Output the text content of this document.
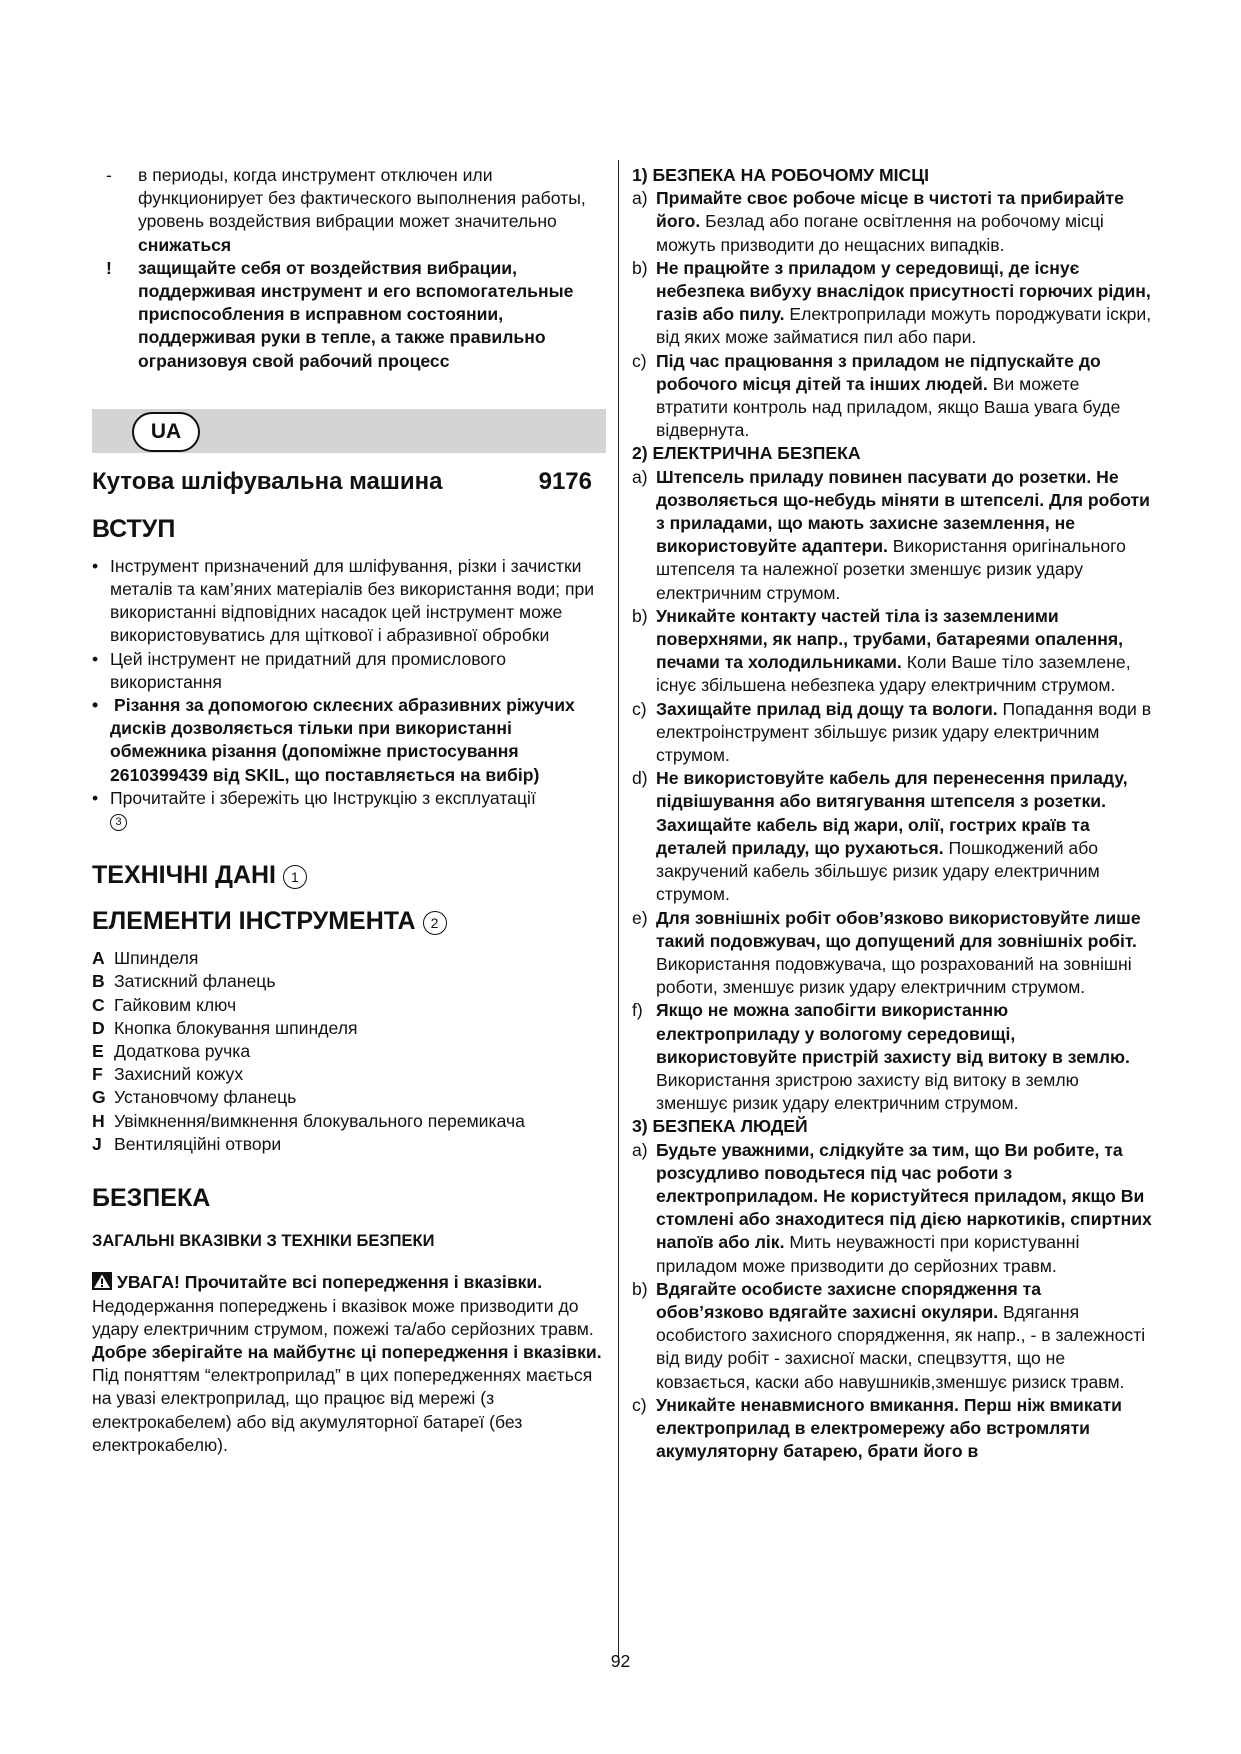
-	в периоды, когда инструмент отключен или функционирует без фактического выполнения работы, уровень воздействия вибрации может значительно снижаться
!	защищайте себя от воздействия вибрации, поддерживая инструмент и его вспомогательные приспособления в исправном состоянии, поддерживая руки в тепле, а также правильно огранизовуя свой рабочий процесс
UA
Кутова шліфувальна машина	9176
ВСТУП
• Інструмент призначений для шліфування, різки і зачистки металів та кам’яних матеріалів без використання води; при використанні відповідних насадок цей інструмент може використовуватись для щіткової і абразивної обробки
• Цей інструмент не придатний для промислового використання
• Різання за допомогою склеєних абразивних ріжучих дисків дозволяється тільки при використанні обмежника різання (допоміжне пристосування 2610399439 від SKIL, що поставляється на вибір)
• Прочитайте і збережіть цю Інструкцію з експлуатації
3
ТЕХНІЧНІ ДАНІ 1
ЕЛЕМЕНТИ ІНСТРУМЕНТА 2
A Шпинделя
B Затискний фланець
C Гайковим ключ
D Кнопка блокування шпинделя
E Додаткова ручка
F Захисний кожух
G Установчому фланець
H Увімкнення/вимкнення блокувального перемикача
J Вентиляційні отвори
БЕЗПЕКА
ЗАГАЛЬНІ ВКАЗІВКИ З ТЕХНІКИ БЕЗПЕКИ
УВАГА! Прочитайте всі попередження і вказівки. Недодержання попереджень і вказівок може призводити до удару електричним струмом, пожежі та/або серйозних травм. Добре зберігайте на майбутнє ці попередження і вказівки. Під поняттям “електроприлад” в цих попередженнях мається на увазі електроприлад, що працює від мережі (з електрокабелем) або від акумуляторної батареї (без електрокабелю).
1) БЕЗПЕКА НА РОБОЧОМУ МІСЦІ
a) Примайте своє робоче місце в чистоті та прибирайте його. Безлад або погане освітлення на робочому місці можуть призводити до нещасних випадків.
b) Не працюйте з приладом у середовищі, де існує небезпека вибуху внаслідок присутності горючих рідин, газів або пилу. Електроприлади можуть породжувати іскри, від яких може займатися пил або пари.
c) Під час працювання з приладом не підпускайте до робочого місця дітей та інших людей. Ви можете втратити контроль над приладом, якщо Ваша увага буде відвернута.
2) ЕЛЕКТРИЧНА БЕЗПЕКА
a) Штепсель приладу повинен пасувати до розетки. Не дозволяється що-небудь міняти в штепселі. Для роботи з приладами, що мають захисне заземлення, не використовуйте адаптери. Використання оригінального штепселя та належної розетки зменшує ризик удару електричним струмом.
b) Уникайте контакту частей тіла із заземленими поверхнями, як напр., трубами, батареями опалення, печами та холодильниками. Коли Ваше тіло заземлене, існує збільшена небезпека удару електричним струмом.
c) Захищайте прилад від дощу та вологи. Попадання води в електроінструмент збільшує ризик удару електричним струмом.
d) Не використовуйте кабель для перенесення приладу, підвішування або витягування штепселя з розетки. Захищайте кабель від жари, олії, гострих країв та деталей приладу, що рухаються. Пошкоджений або закручений кабель збільшує ризик удару електричним струмом.
e) Для зовнішніх робіт обов’язково використовуйте лише такий подовжувач, що допущений для зовнішніх робіт. Використання подовжувача, що розрахований на зовнішні роботи, зменшує ризик удару електричним струмом.
f) Якщо не можна запобігти використанню електроприладу у вологому середовищі, використовуйте пристрій захисту від витоку в землю. Використання зристрою захисту від витоку в землю зменшує ризик удару електричним струмом.
3) БЕЗПЕКА ЛЮДЕЙ
a) Будьте уважними, слідкуйте за тим, що Ви робите, та розсудливо поводьтеся під час роботи з електроприладом. Не користуйтеся приладом, якщо Ви стомлені або знаходитеся під дією наркотиків, спиртних напоїв або лік. Мить неуважності при користуванні приладом може призводити до серйозних травм.
b) Вдягайте особисте захисне спорядження та обов’язково вдягайте захисні окуляри. Вдягання особистого захисного спорядження, як напр., - в залежності від виду робіт - захисної маски, спецвзуття, що не ковзається, каски або навушників,зменшує ризиск травм.
c) Уникайте ненавмисного вмикання. Перш ніж вмикати електроприлад в електромережу або встромляти акумуляторну батарею, брати його в
92
